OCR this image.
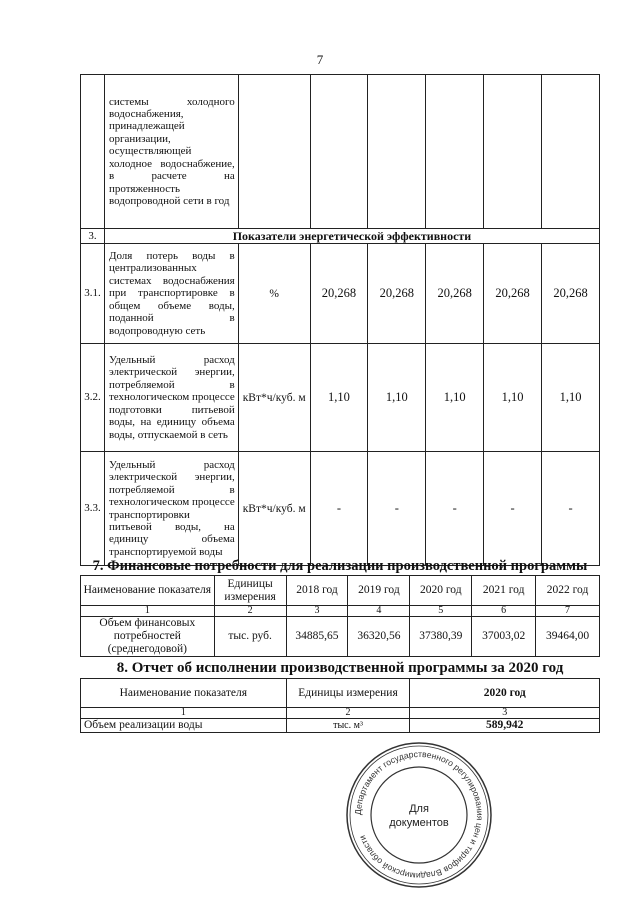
7
	системы холодного водоснабжения, принадлежащей организации, осуществляющей холодное водоснабжение, в расчете на протяженность водопроводной сети в год						
3.	Показатели энергетической эффективности						
3.1.	Доля потерь воды в централизованных системах водоснабжения при транспортировке в общем объеме воды, поданной в водопроводную сеть	%	20,268	20,268	20,268	20,268	20,268
3.2.	Удельный расход электрической энергии, потребляемой в технологическом процессе подготовки питьевой воды, на единицу объема воды, отпускаемой в сеть	кВт*ч/куб. м	1,10	1,10	1,10	1,10	1,10
3.3.	Удельный расход электрической энергии, потребляемой в технологическом процессе транспортировки питьевой воды, на единицу объема транспортируемой воды	кВт*ч/куб. м	-	-	-	-	-
7. Финансовые потребности для реализации производственной программы
Наименование показателя	Единицы измерения	2018 год	2019 год	2020 год	2021 год	2022 год
1	2	3	4	5	6	7
Объем финансовых потребностей (среднегодовой)	тыс. руб.	34885,65	36320,56	37380,39	37003,02	39464,00
8. Отчет об исполнении производственной программы за 2020 год
Наименование показателя	Единицы измерения	2020 год
1	2	3
Объем реализации воды	тыс. м³	589,942
Департамент государственного регулирования цен и тарифов Владимирской области
Для
документов
